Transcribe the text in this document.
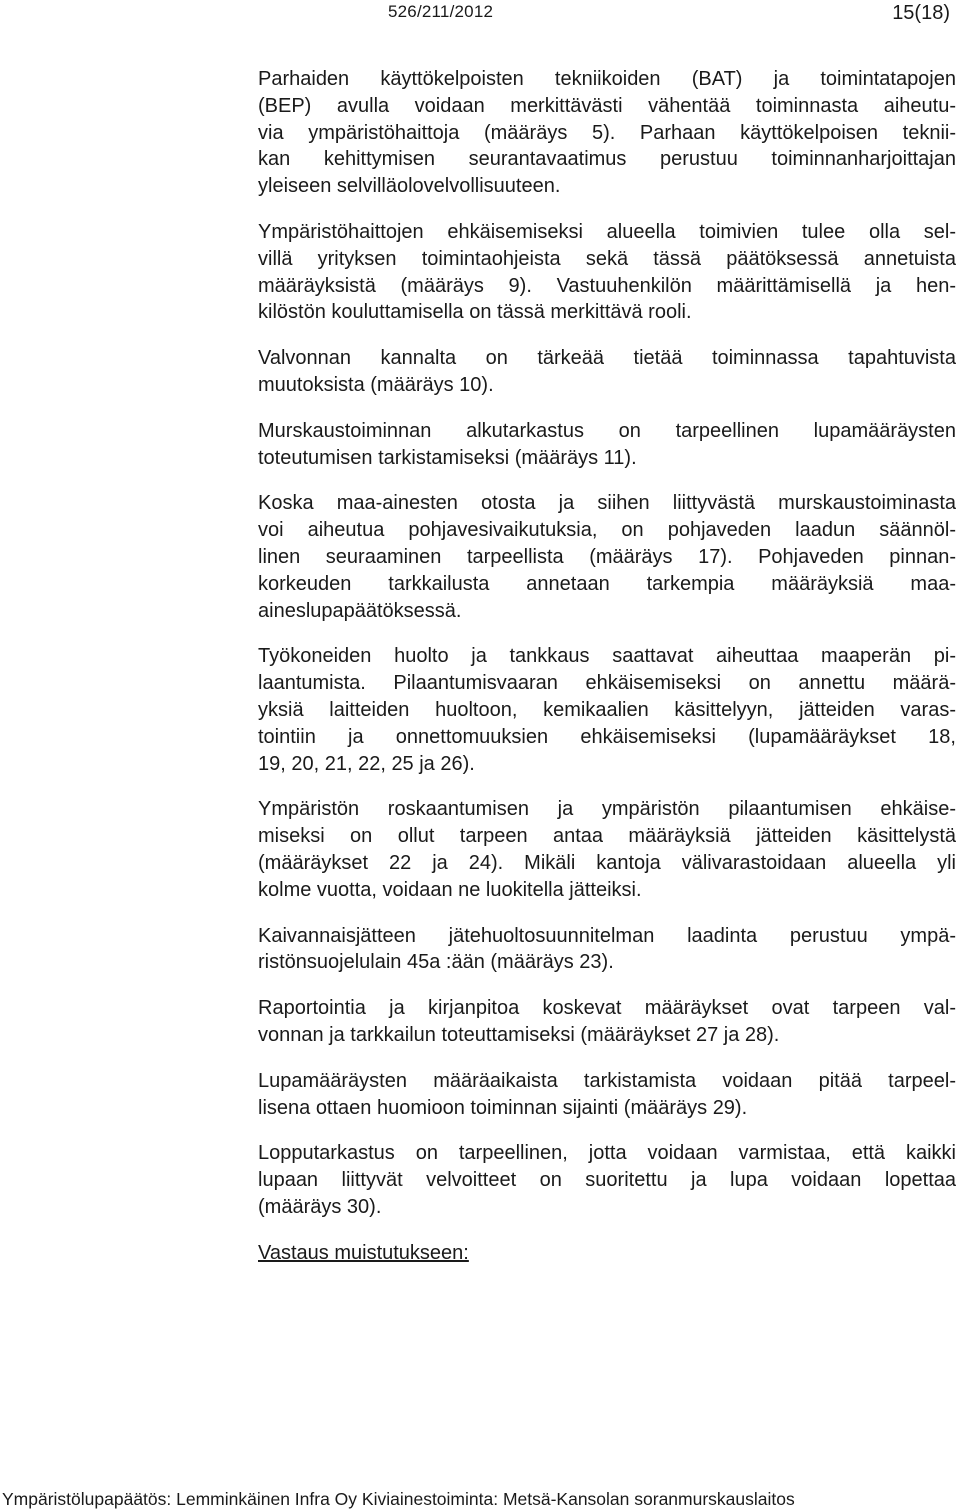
526/211/2012	15(18)

Parhaiden käyttökelpoisten tekniikoiden (BAT) ja toimintatapojen
(BEP) avulla voidaan merkittävästi vähentää toiminnasta aiheutu-
via ympäristöhaittoja (määräys 5). Parhaan käyttökelpoisen teknii-
kan kehittymisen seurantavaatimus perustuu toiminnanharjoittajan
yleiseen selvilläolovelvollisuuteen.

Ympäristöhaittojen ehkäisemiseksi alueella toimivien tulee olla sel-
villä yrityksen toimintaohjeista sekä tässä päätöksessä annetuista
määräyksistä (määräys 9). Vastuuhenkilön määrittämisellä ja hen-
kilöstön kouluttamisella on tässä merkittävä rooli.

Valvonnan kannalta on tärkeää tietää toiminnassa tapahtuvista
muutoksista (määräys 10).

Murskaustoiminnan alkutarkastus on tarpeellinen lupamääräysten
toteutumisen tarkistamiseksi (määräys 11).

Koska maa-ainesten otosta ja siihen liittyvästä murskaustoiminasta
voi aiheutua pohjavesivaikutuksia, on pohjaveden laadun säännöl-
linen seuraaminen tarpeellista (määräys 17). Pohjaveden pinnan-
korkeuden tarkkailusta annetaan tarkempia määräyksiä maa-
aineslupapäätöksessä.

Työkoneiden huolto ja tankkaus saattavat aiheuttaa maaperän pi-
laantumista. Pilaantumisvaaran ehkäisemiseksi on annettu määrä-
yksiä laitteiden huoltoon, kemikaalien käsittelyyn, jätteiden varas-
tointiin ja onnettomuuksien ehkäisemiseksi (lupamääräykset 18,
19, 20, 21, 22, 25 ja 26).

Ympäristön roskaantumisen ja ympäristön pilaantumisen ehkäise-
miseksi on ollut tarpeen antaa määräyksiä jätteiden käsittelystä
(määräykset 22 ja 24). Mikäli kantoja välivarastoidaan alueella yli
kolme vuotta, voidaan ne luokitella jätteiksi.

Kaivannaisjätteen jätehuoltosuunnitelman laadinta perustuu ympä-
ristönsuojelulain 45a :ään (määräys 23).

Raportointia ja kirjanpitoa koskevat määräykset ovat tarpeen val-
vonnan ja tarkkailun toteuttamiseksi (määräykset 27 ja 28).

Lupamääräysten määräaikaista tarkistamista voidaan pitää tarpeel-
lisena ottaen huomioon toiminnan sijainti (määräys 29).

Lopputarkastus on tarpeellinen, jotta voidaan varmistaa, että kaikki
lupaan liittyvät velvoitteet on suoritettu ja lupa voidaan lopettaa
(määräys 30).

Vastaus muistutukseen:

Ympäristölupapäätös: Lemminkäinen Infra Oy Kiviainestoiminta: Metsä-Kansolan soranmurskauslaitos
